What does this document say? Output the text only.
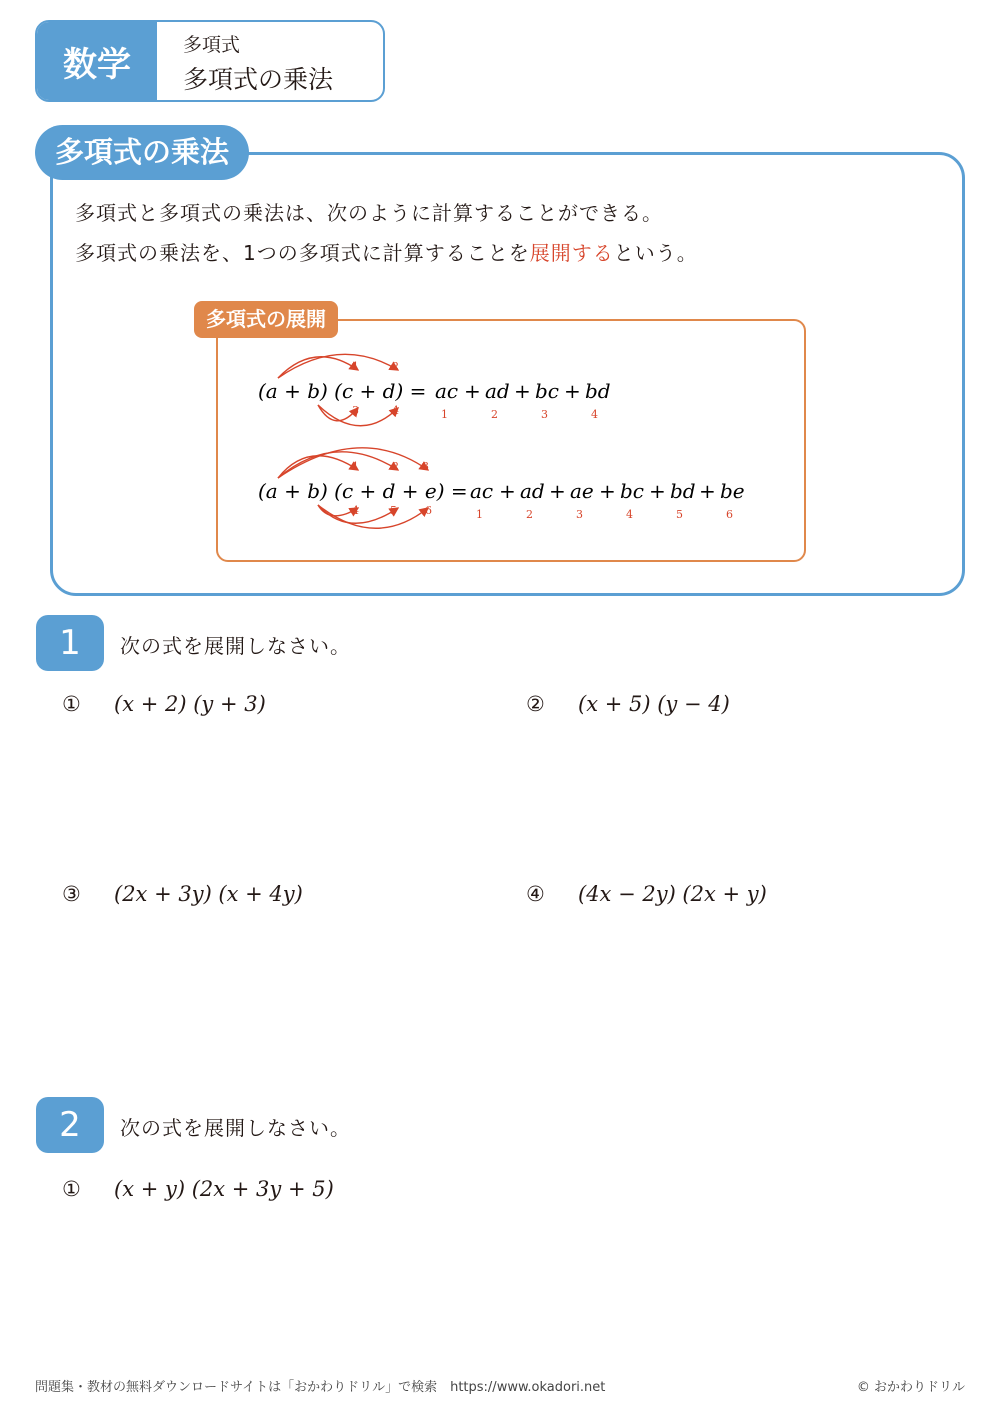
数学	多項式
多項式の乗法
多項式の乗法
多項式と多項式の乗法は、次のように計算することができる。
多項式の乗法を、1つの多項式に計算することを展開するという。
多項式の展開
1	2
3	4
(a + b) (c + d) = ac + ad + bc + bd
1	2	3	4
1	2 3
4	5	6
(a + b) (c + d + e) = ac + ad + ae + bc + bd + be
1	2	3	4	5	6
1	次の式を展開しなさい。
①	(x + 2) (y + 3)	②	(x + 5) (y − 4)
③	(2x + 3y) (x + 4y)	④	(4x − 2y) (2x + y)
2	次の式を展開しなさい。
①	(x + y) (2x + 3y + 5)
問題集・教材の無料ダウンロードサイトは「おかわりドリル」で検索　https://www.okadori.net	© おかわりドリル
